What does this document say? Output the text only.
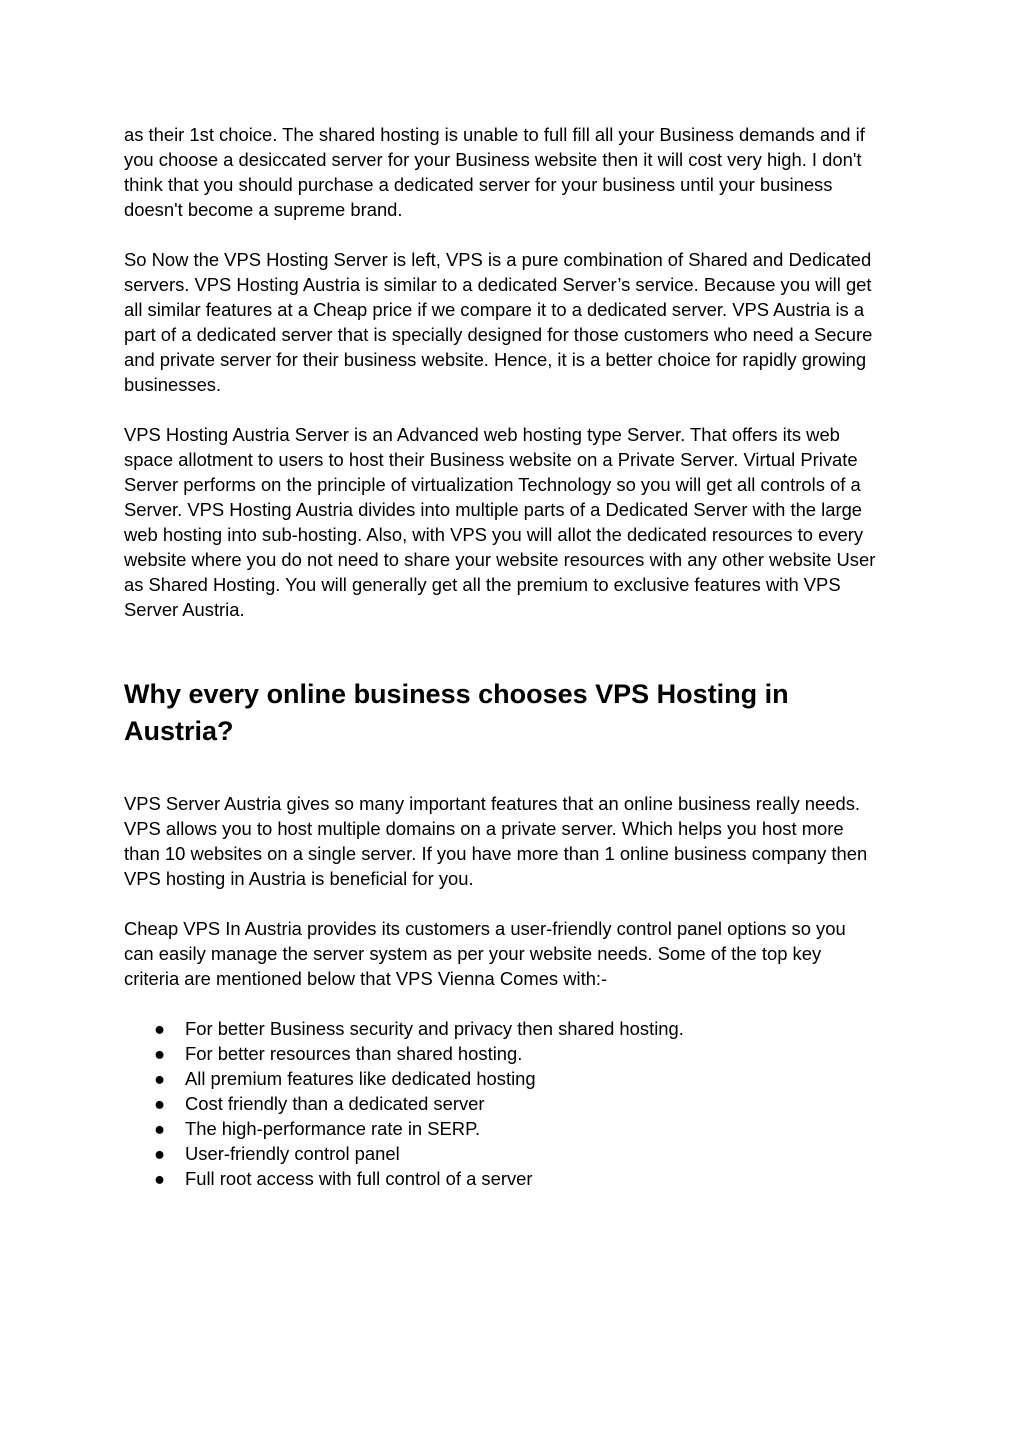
as their 1st choice. The shared hosting is unable to full fill all your Business demands and if
you choose a desiccated server for your Business website then it will cost very high. I don't
think that you should purchase a dedicated server for your business until your business
doesn't become a supreme brand.

So Now the VPS Hosting Server is left, VPS is a pure combination of Shared and Dedicated
servers. VPS Hosting Austria is similar to a dedicated Server’s service. Because you will get
all similar features at a Cheap price if we compare it to a dedicated server. VPS Austria is a
part of a dedicated server that is specially designed for those customers who need a Secure
and private server for their business website. Hence, it is a better choice for rapidly growing
businesses.

VPS Hosting Austria Server is an Advanced web hosting type Server. That offers its web
space allotment to users to host their Business website on a Private Server. Virtual Private
Server performs on the principle of virtualization Technology so you will get all controls of a
Server. VPS Hosting Austria divides into multiple parts of a Dedicated Server with the large
web hosting into sub-hosting. Also, with VPS you will allot the dedicated resources to every
website where you do not need to share your website resources with any other website User
as Shared Hosting. You will generally get all the premium to exclusive features with VPS
Server Austria.

Why every online business chooses VPS Hosting in
Austria?

VPS Server Austria gives so many important features that an online business really needs.
VPS allows you to host multiple domains on a private server. Which helps you host more
than 10 websites on a single server. If you have more than 1 online business company then
VPS hosting in Austria is beneficial for you.

Cheap VPS In Austria provides its customers a user-friendly control panel options so you
can easily manage the server system as per your website needs. Some of the top key
criteria are mentioned below that VPS Vienna Comes with:-

● For better Business security and privacy then shared hosting.
● For better resources than shared hosting.
● All premium features like dedicated hosting
● Cost friendly than a dedicated server
● The high-performance rate in SERP.
● User-friendly control panel
● Full root access with full control of a server
